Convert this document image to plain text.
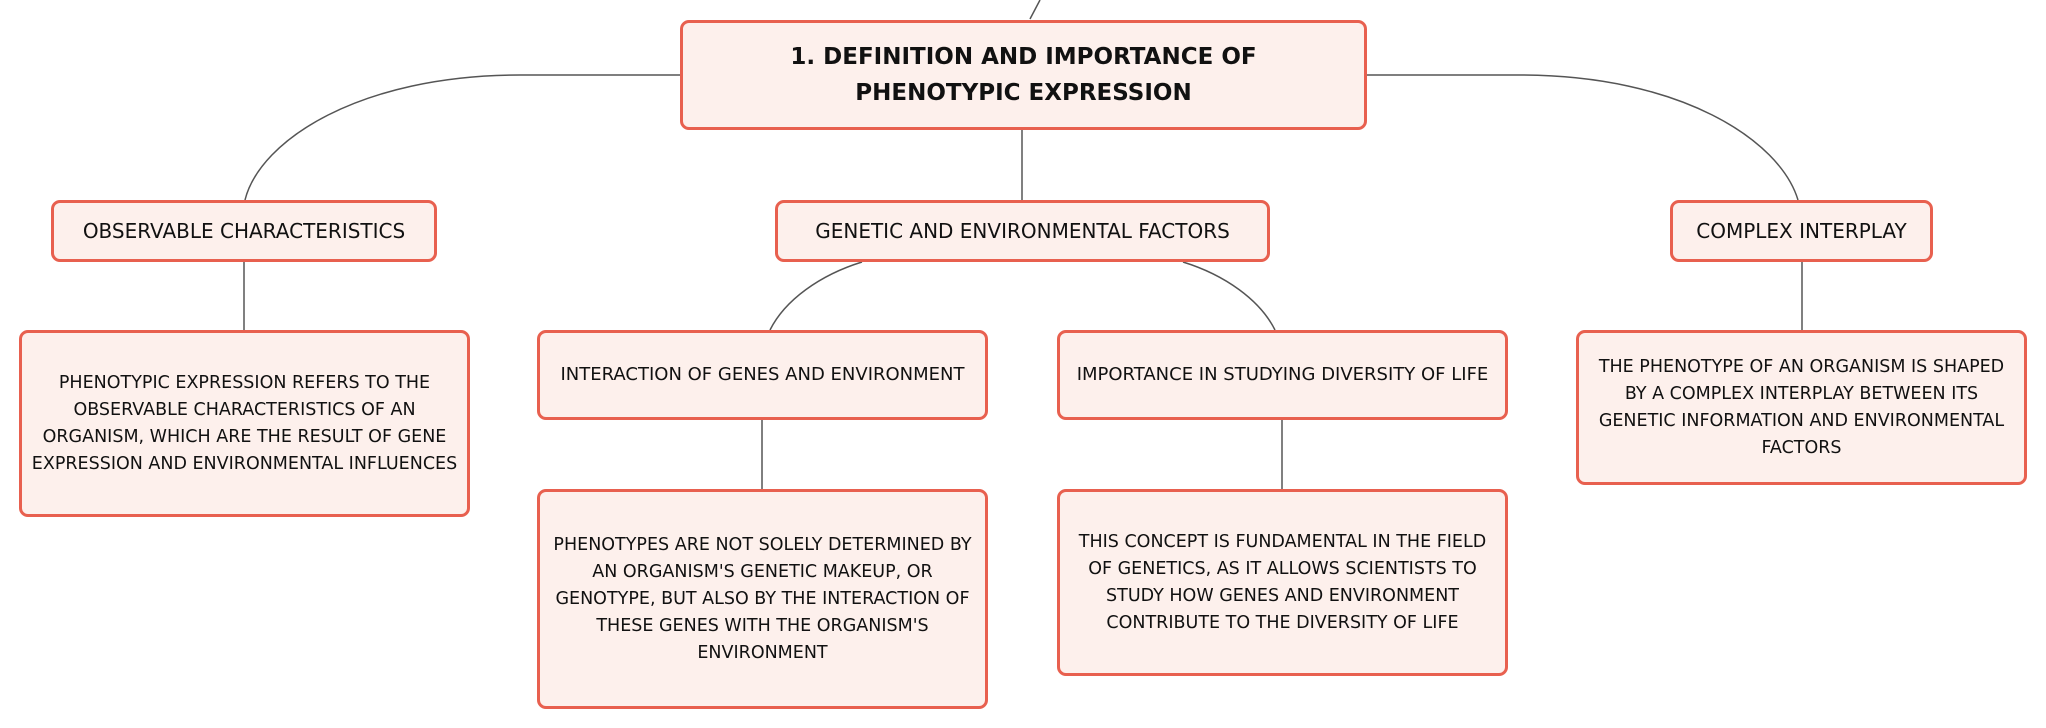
1. DEFINITION AND IMPORTANCE OF PHENOTYPIC EXPRESSION
OBSERVABLE CHARACTERISTICS	GENETIC AND ENVIRONMENTAL FACTORS	COMPLEX INTERPLAY
PHENOTYPIC EXPRESSION REFERS TO THE OBSERVABLE CHARACTERISTICS OF AN ORGANISM, WHICH ARE THE RESULT OF GENE EXPRESSION AND ENVIRONMENTAL INFLUENCES
INTERACTION OF GENES AND ENVIRONMENT	IMPORTANCE IN STUDYING DIVERSITY OF LIFE	THE PHENOTYPE OF AN ORGANISM IS SHAPED BY A COMPLEX INTERPLAY BETWEEN ITS GENETIC INFORMATION AND ENVIRONMENTAL FACTORS
PHENOTYPES ARE NOT SOLELY DETERMINED BY AN ORGANISM'S GENETIC MAKEUP, OR GENOTYPE, BUT ALSO BY THE INTERACTION OF THESE GENES WITH THE ORGANISM'S ENVIRONMENT
THIS CONCEPT IS FUNDAMENTAL IN THE FIELD OF GENETICS, AS IT ALLOWS SCIENTISTS TO STUDY HOW GENES AND ENVIRONMENT CONTRIBUTE TO THE DIVERSITY OF LIFE
